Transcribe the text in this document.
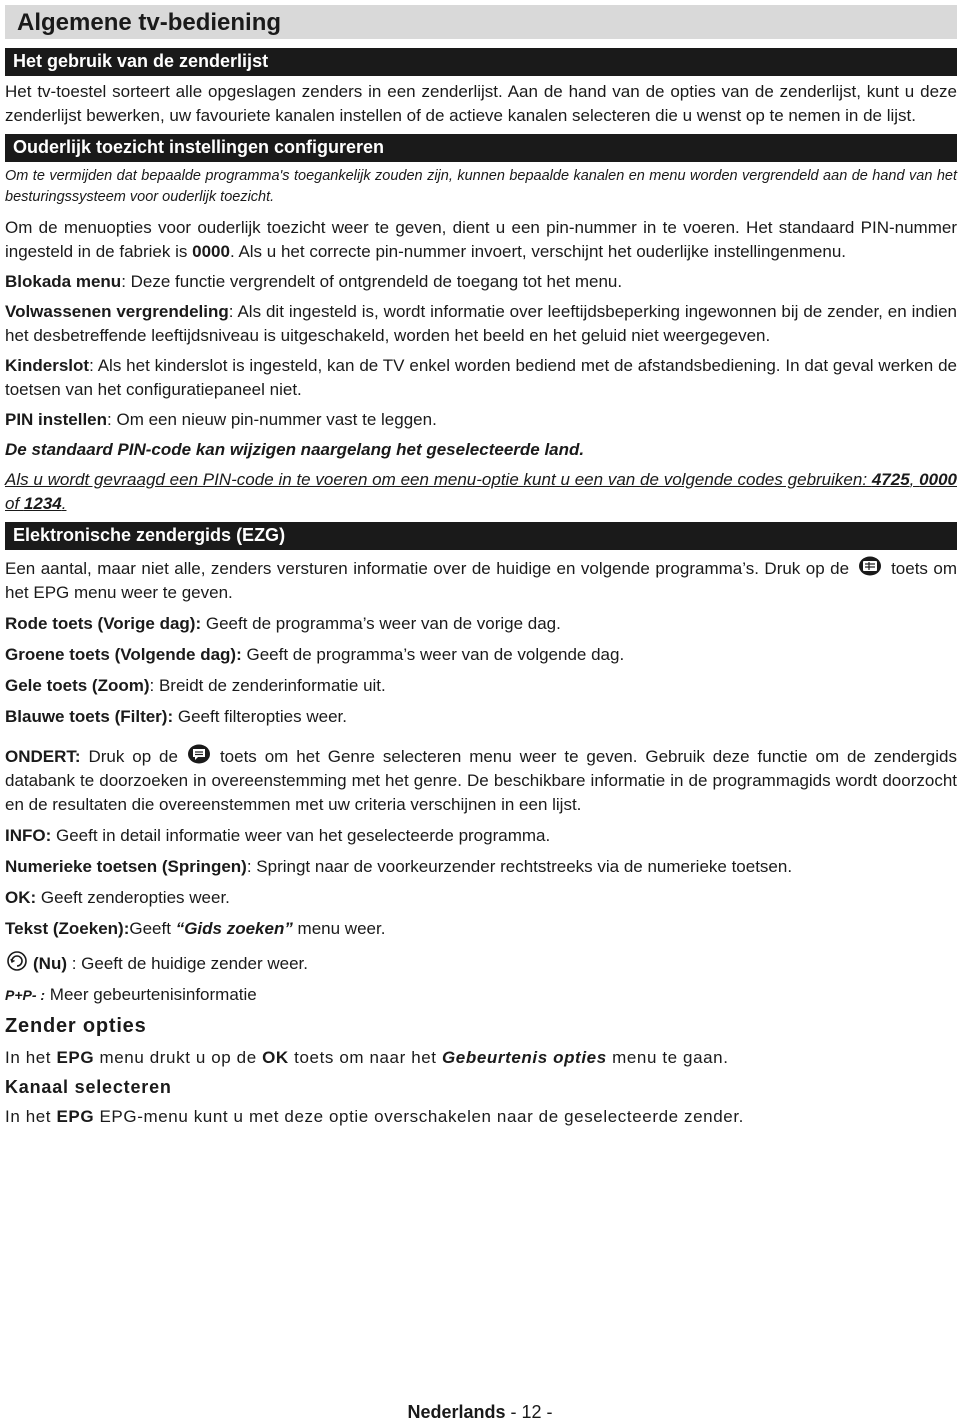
Algemene tv-bediening
Het gebruik van de zenderlijst

Het tv-toestel sorteert alle opgeslagen zenders in een zenderlijst. Aan de hand van de opties van de zenderlijst, kunt u deze zenderlijst bewerken, uw favouriete kanalen instellen of de actieve kanalen selecteren die u wenst op te nemen in de lijst.

Ouderlijk toezicht instellingen configureren

Om te vermijden dat bepaalde programma's toegankelijk zouden zijn, kunnen bepaalde kanalen en menu worden vergrendeld aan de hand van het besturingssysteem voor ouderlijk toezicht.

Om de menuopties voor ouderlijk toezicht weer te geven, dient u een pin-nummer in te voeren. Het standaard PIN-nummer ingesteld in de fabriek is 0000. Als u het correcte pin-nummer invoert, verschijnt het ouderlijke instellingenmenu.

Blokada menu: Deze functie vergrendelt of ontgrendeld de toegang tot het menu.

Volwassenen vergrendeling: Als dit ingesteld is, wordt informatie over leeftijdsbeperking ingewonnen bij de zender, en indien het desbetreffende leeftijdsniveau is uitgeschakeld, worden het beeld en het geluid niet weergegeven.

Kinderslot: Als het kinderslot is ingesteld, kan de TV enkel worden bediend met de afstandsbediening. In dat geval werken de toetsen van het configuratiepaneel niet.

PIN instellen: Om een nieuw pin-nummer vast te leggen.

De standaard PIN-code kan wijzigen naargelang het geselecteerde land.

Als u wordt gevraagd een PIN-code in te voeren om een menu-optie kunt u een van de volgende codes gebruiken: 4725, 0000 of 1234.

Elektronische zendergids (EZG)

Een aantal, maar niet alle, zenders versturen informatie over de huidige en volgende programma’s. Druk op de toets om het EPG menu weer te geven.

Rode toets (Vorige dag): Geeft de programma’s weer van de vorige dag.

Groene toets (Volgende dag): Geeft de programma’s weer van de volgende dag.

Gele toets (Zoom): Breidt de zenderinformatie uit.

Blauwe toets (Filter): Geeft filteropties weer.

ONDERT: Druk op de toets om het Genre selecteren menu weer te geven. Gebruik deze functie om de zendergids databank te doorzoeken in overeenstemming met het genre. De beschikbare informatie in de programmagids wordt doorzocht en de resultaten die overeenstemmen met uw criteria verschijnen in een lijst.

INFO: Geeft in detail informatie weer van het geselecteerde programma.

Numerieke toetsen (Springen): Springt naar de voorkeurzender rechtstreeks via de numerieke toetsen.

OK: Geeft zenderopties weer.

Tekst (Zoeken):Geeft “Gids zoeken” menu weer.

(Nu) : Geeft de huidige zender weer.

P+P- : Meer gebeurtenisinformatie

Zender opties

In het EPG menu drukt u op de OK toets om naar het Gebeurtenis opties menu te gaan.

Kanaal selecteren

In het EPG EPG-menu kunt u met deze optie overschakelen naar de geselecteerde zender.

Nederlands - 12 -
